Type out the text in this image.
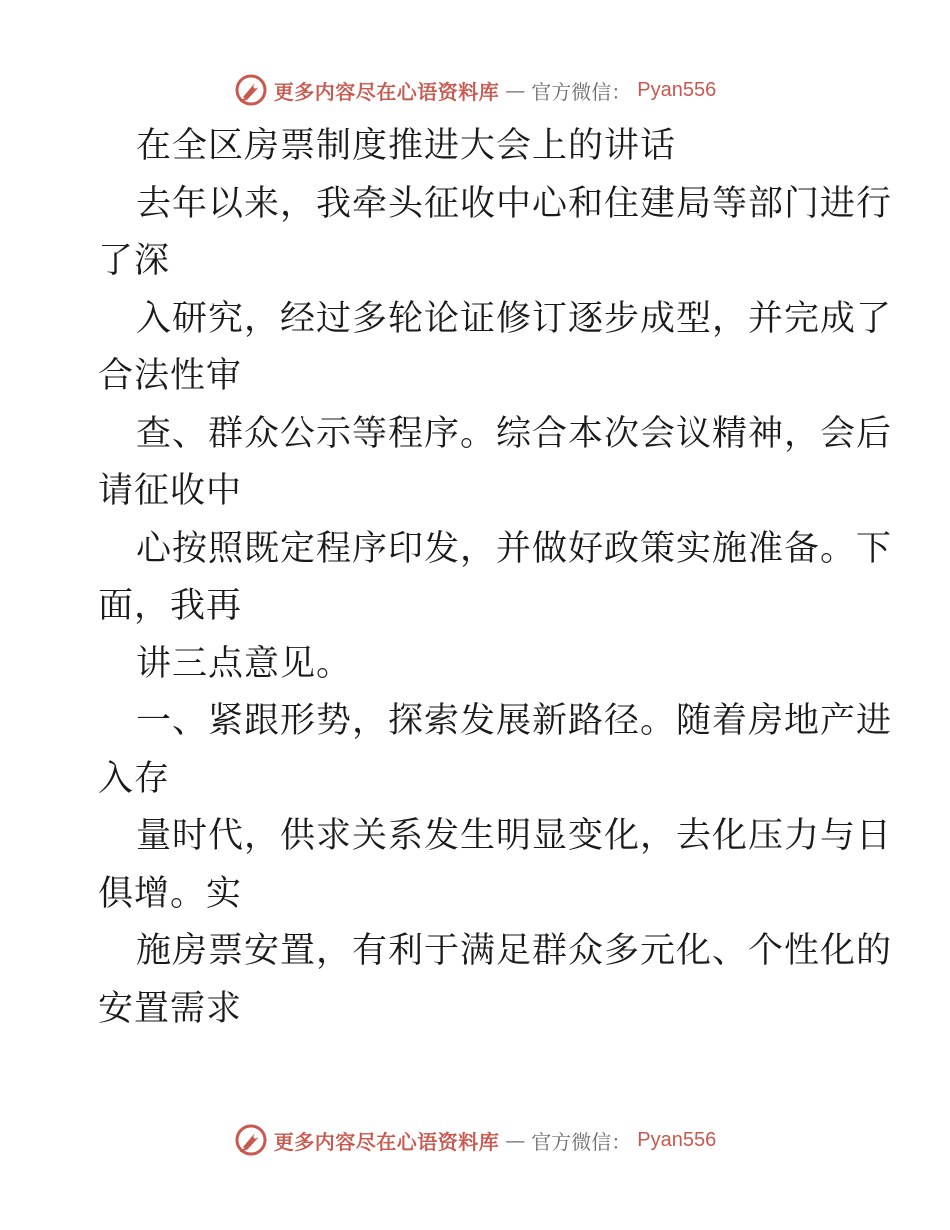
更多内容尽在心语资料库 — 官方微信： Pyan556
在全区房票制度推进大会上的讲话
去年以来，我牵头征收中心和住建局等部门进行
了深
入研究，经过多轮论证修订逐步成型，并完成了
合法性审
查、群众公示等程序。综合本次会议精神，会后
请征收中
心按照既定程序印发，并做好政策实施准备。下
面，我再
讲三点意见。
一、紧跟形势，探索发展新路径。随着房地产进
入存
量时代，供求关系发生明显变化，去化压力与日
俱增。实
施房票安置，有利于满足群众多元化、个性化的
安置需求
更多内容尽在心语资料库 — 官方微信： Pyan556
